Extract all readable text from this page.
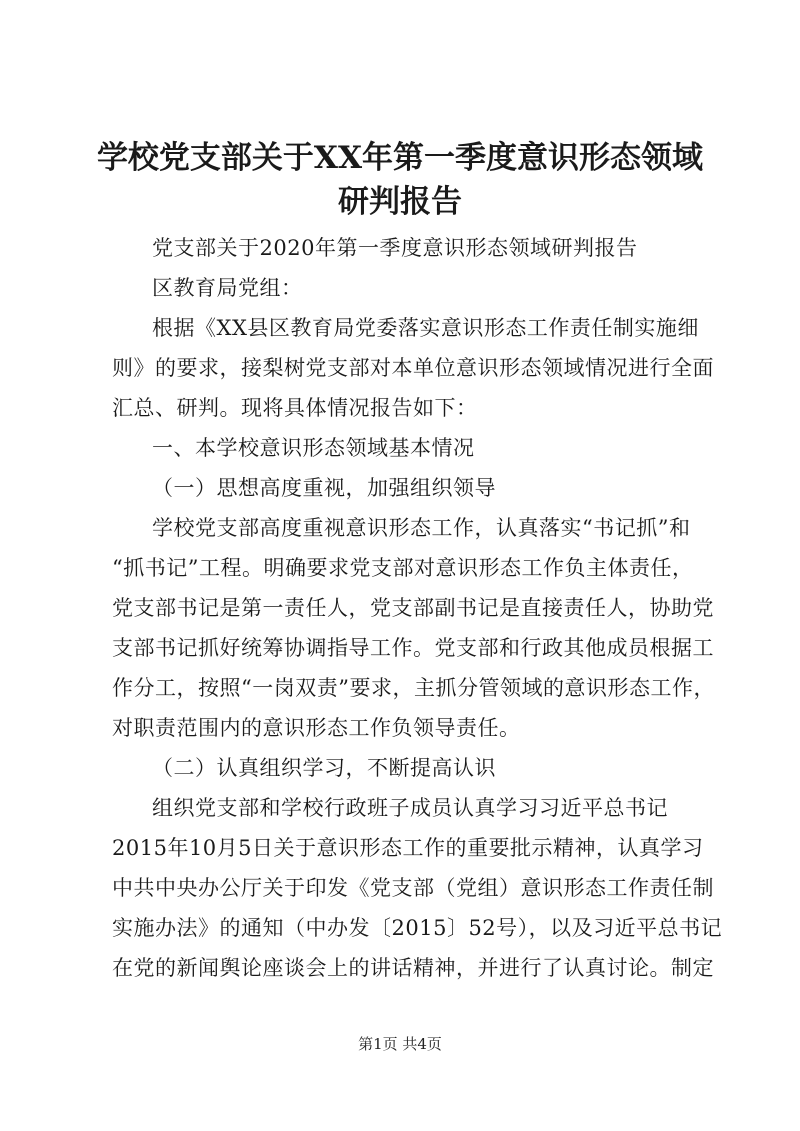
学校党支部关于XX年第一季度意识形态领域
研判报告

党支部关于2020年第一季度意识形态领域研判报告

区教育局党组：

根据《XX县区教育局党委落实意识形态工作责任制实施细

则》的要求，接梨树党支部对本单位意识形态领域情况进行全面

汇总、研判。现将具体情况报告如下：

一、本学校意识形态领域基本情况

（一）思想高度重视，加强组织领导

学校党支部高度重视意识形态工作，认真落实“书记抓”和

“抓书记”工程。明确要求党支部对意识形态工作负主体责任，

党支部书记是第一责任人，党支部副书记是直接责任人，协助党

支部书记抓好统筹协调指导工作。党支部和行政其他成员根据工

作分工，按照“一岗双责”要求，主抓分管领域的意识形态工作，

对职责范围内的意识形态工作负领导责任。

（二）认真组织学习，不断提高认识

组织党支部和学校行政班子成员认真学习习近平总书记

2015年10月5日关于意识形态工作的重要批示精神，认真学习

中共中央办公厅关于印发《党支部（党组）意识形态工作责任制

实施办法》的通知（中办发〔2015〕52号），以及习近平总书记

在党的新闻舆论座谈会上的讲话精神，并进行了认真讨论。制定

第1页 共4页
